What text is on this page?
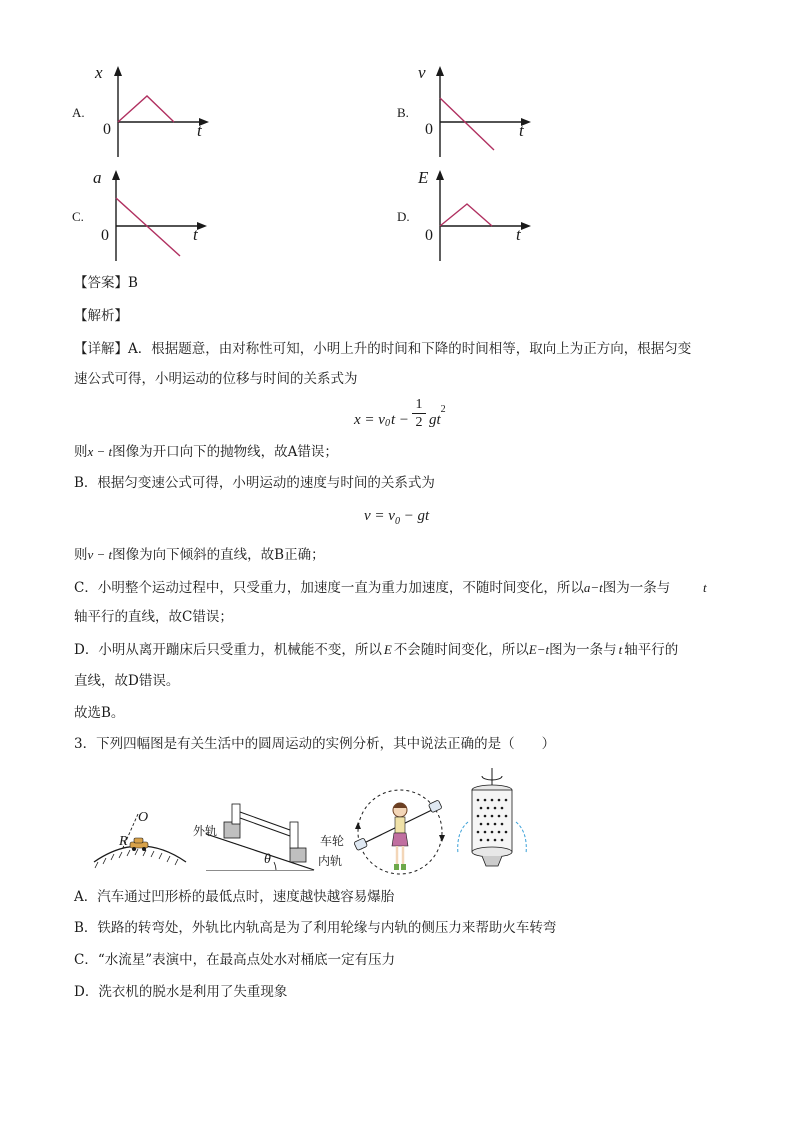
A.
x
t
0
B.
v
t
0
C.
a
t
0
D.
E
t
0
【答案】B
【解析】
【详解】A．根据题意，由对称性可知，小明上升的时间和下降的时间相等，取向上为正方向，根据匀变
速公式可得，小明运动的位移与时间的关系式为
$x = v_0t - \frac{1}{2} gt^2$
则x − t图像为开口向下的抛物线，故A错误；
B．根据匀变速公式可得，小明运动的速度与时间的关系式为
$v = v_0$ − gt
则v − t图像为向下倾斜的直线，故B正确；
C．小明整个运动过程中，只受重力，加速度一直为重力加速度，不随时间变化，所以a−t图为一条与	t
轴平行的直线，故C错误；
D．小明从离开蹦床后只受重力，机械能不变，所以 E 不会随时间变化，所以E−t图为一条与 t 轴平行的
直线，故D错误。
故选B。
3．下列四幅图是有关生活中的圆周运动的实例分析，其中说法正确的是（　　）
O
R
外轨
车轮
内轨
θ
A．汽车通过凹形桥的最低点时，速度越快越容易爆胎
B．铁路的转弯处，外轨比内轨高是为了利用轮缘与内轨的侧压力来帮助火车转弯
C．“水流星”表演中，在最高点处水对桶底一定有压力
D．洗衣机的脱水是利用了失重现象
